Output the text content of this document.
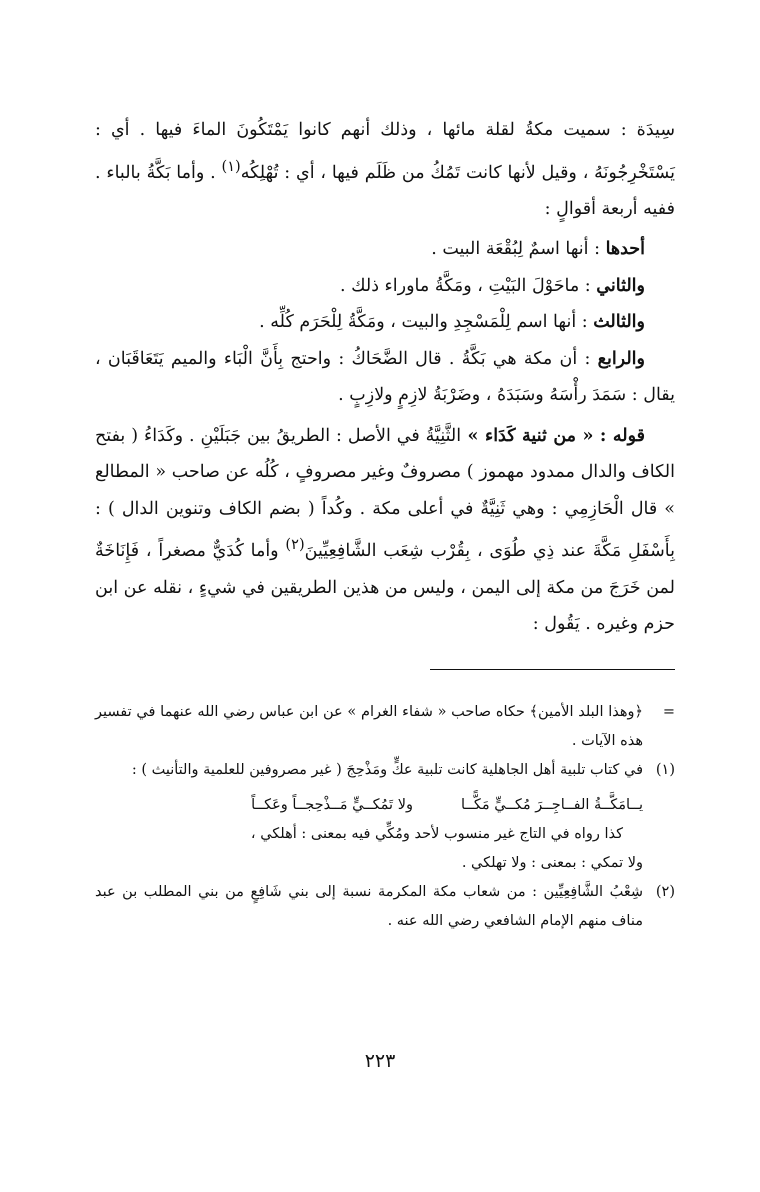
سِيدَة : سميت مكةُ لقلة مائها ، وذلك أنهم كانوا يَمْتَكُونَ الماءَ فيها . أي : يَسْتَخْرِجُونَهُ ، وقيل لأنها كانت تَمُكُ من ظَلَم فيها ، أي : تُهْلِكُه$^{(١)}$ . وأما بَكَّةُ بالباء . ففيه أربعة أقوالٍ :

أحدها : أنها اسمٌ لِبُقْعَة البيت .

والثاني : ماحَوْلَ البَيْتِ ، ومَكَّةُ ماوراء ذلك .

والثالث : أنها اسم لِلْمَسْجِدِ والبيت ، ومَكَّةُ لِلْحَرَم كُلِّه .

والرابع : أن مكة هي بَكَّةُ . قال الضَّحَاكُ : واحتج بِأَنَّ الْبَاء والميم يَتَعَاقَبَان ، يقال : سَمَدَ رأْسَهُ وسَبَدَهُ ، وضَرْبَةُ لازِمٍ ولازِبٍ .

قوله : « من ثنية كَدَاء » الثَّنِيَّةُ في الأصل : الطريقُ بين جَبَلَيْنِ . وكَدَاءُ ( بفتح الكاف والدال ممدود مهموز ) مصروفٌ وغير مصروفٍ ، كُلُه عن صاحب « المطالع » قال الْحَازِمِي : وهي ثَنِيَّةٌ في أعلى مكة . وكُداً ( بضم الكاف وتنوين الدال ) : بِأَسْفَلِ مَكَّةَ عند ذِي طُوَى ، بِقُرْب شِعَب الشَّافِعِيِّينَ$^{(٢)}$ وأما كُدَيٌّ مصغراً ، فَإِنَاخَةٌ لمن خَرَجَ من مكة إلى اليمن ، وليس من هذين الطريقين في شيءٍ ، نقله عن ابن حزم وغيره . يَقُول :

=
﴿وهذا البلد الأمين﴾ حكاه صاحب « شفاء الغرام » عن ابن عباس رضي الله عنهما في تفسير هذه الآيات .
(١)
في كتاب تلبية أهل الجاهلية كانت تلبية عكٍّ ومَذْحِجَ ( غير مصروفين للعلمية والتأنيث ) :
يــامَكَّــةُ الفــاجِــرَ مُكــيٍّ مَكًّــا
ولا تَمُكــيٍّ مَــذْحِجــاً وعَكــاً

كذا رواه في التاج غير منسوب لأحد ومُكِّي فيه بمعنى : أهلكي ،

ولا تمكي : بمعنى : ولا تهلكي .

(٢)
شِعْبُ الشَّافِعِيِّين : من شعاب مكة المكرمة نسبة إلى بني شَافِعٍ من بني المطلب بن عبد مناف منهم الإمام الشافعي رضي الله عنه .
٢٢٣
